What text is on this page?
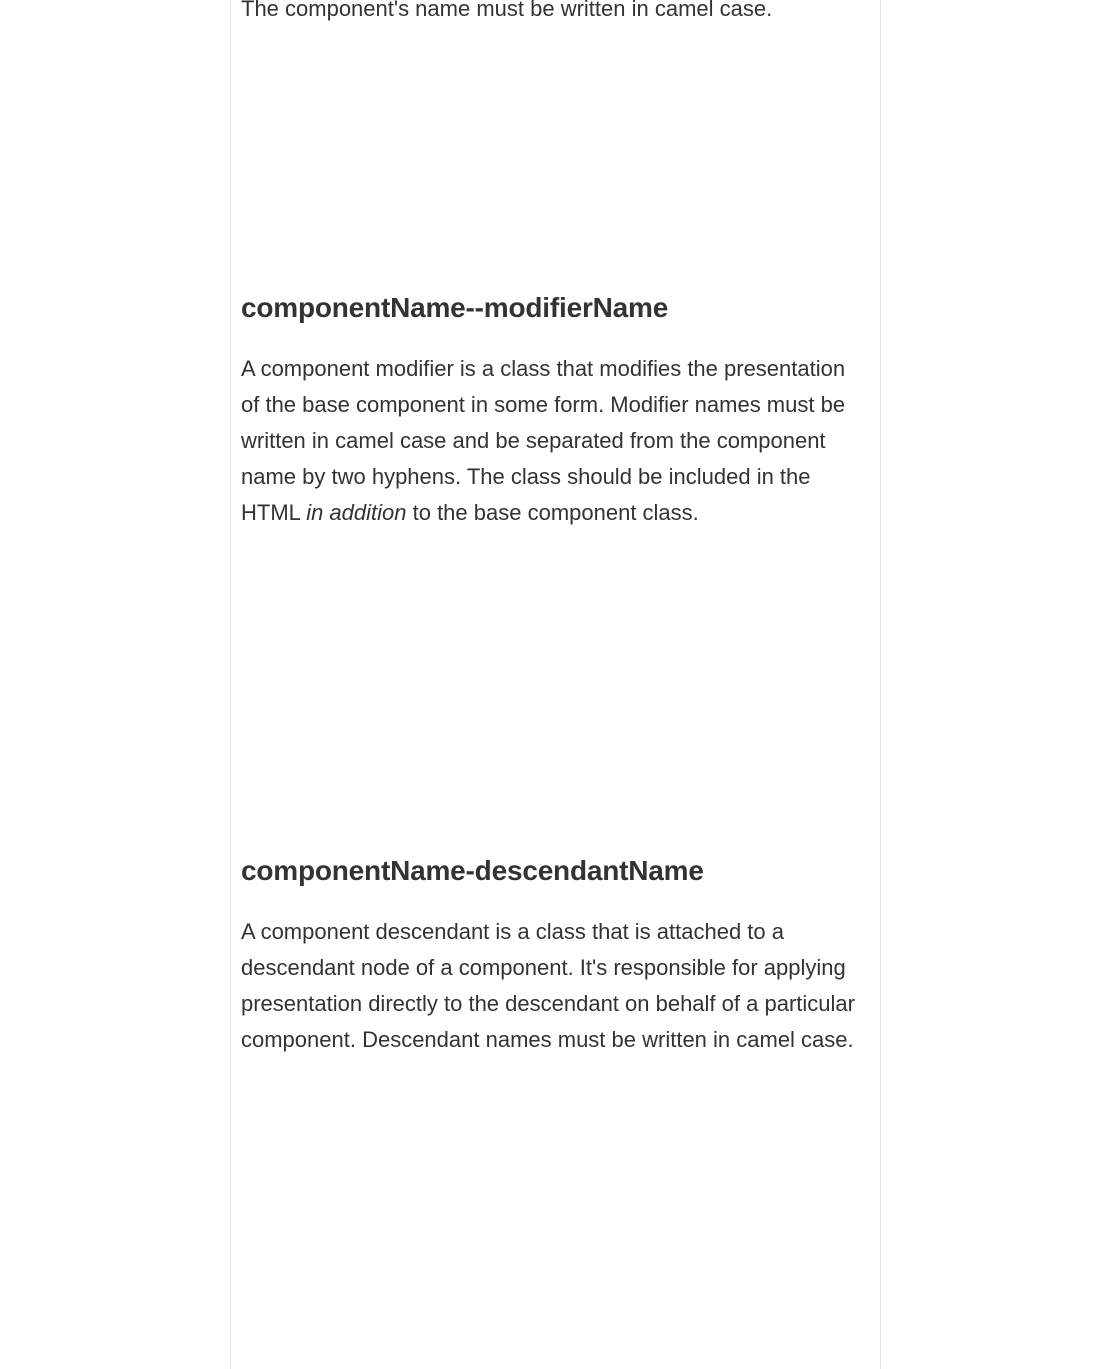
The component's name must be written in camel case.

componentName--modifierName

A component modifier is a class that modifies the presentation of the base component in some form. Modifier names must be written in camel case and be separated from the component name by two hyphens. The class should be included in the HTML in addition to the base component class.

componentName-descendantName

A component descendant is a class that is attached to a descendant node of a component. It's responsible for applying presentation directly to the descendant on behalf of a particular component. Descendant names must be written in camel case.
